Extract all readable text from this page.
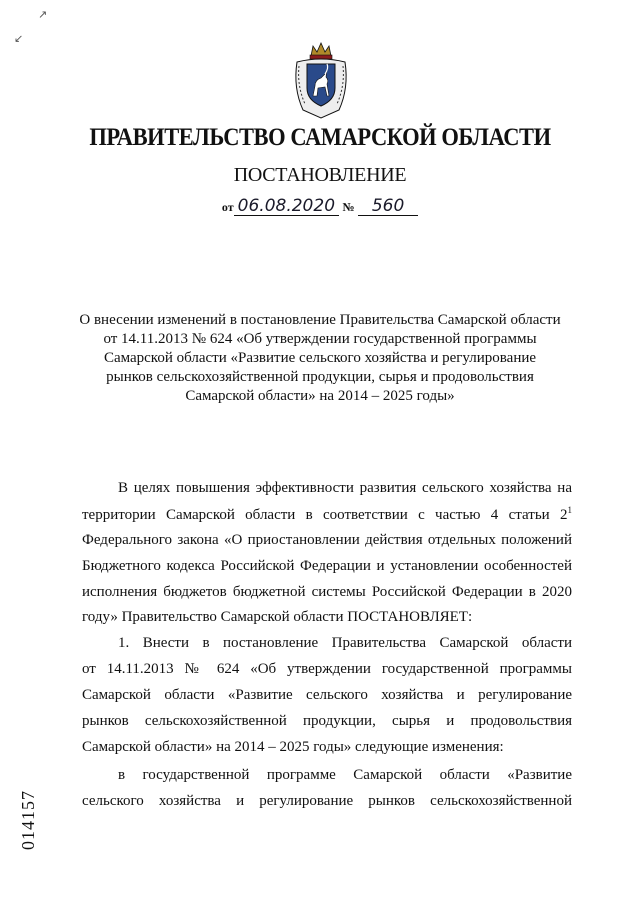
↗
↙
ПРАВИТЕЛЬСТВО САМАРСКОЙ ОБЛАСТИ
ПОСТАНОВЛЕНИЕ
от 06.08.2020 № 560
О внесении изменений в постановление Правительства Самарской области
от 14.11.2013 № 624 «Об утверждении государственной программы
Самарской области «Развитие сельского хозяйства и регулирование
рынков сельскохозяйственной продукции, сырья и продовольствия
Самарской области» на 2014 – 2025 годы»
В целях повышения эффективности развития сельского хозяйства на
территории Самарской области в соответствии с частью 4 статьи $2^1$
Федерального закона «О приостановлении действия отдельных положений
Бюджетного кодекса Российской Федерации и установлении особенностей
исполнения бюджетов бюджетной системы Российской Федерации в 2020
году» Правительство Самарской области ПОСТАНОВЛЯЕТ:
1. Внести в постановление Правительства Самарской области
от 14.11.2013 № 624 «Об утверждении государственной программы
Самарской области «Развитие сельского хозяйства и регулирование
рынков сельскохозяйственной продукции, сырья и продовольствия
Самарской области» на 2014 – 2025 годы» следующие изменения:
в государственной программе Самарской области «Развитие
сельского хозяйства и регулирование рынков сельскохозяйственной
014157
